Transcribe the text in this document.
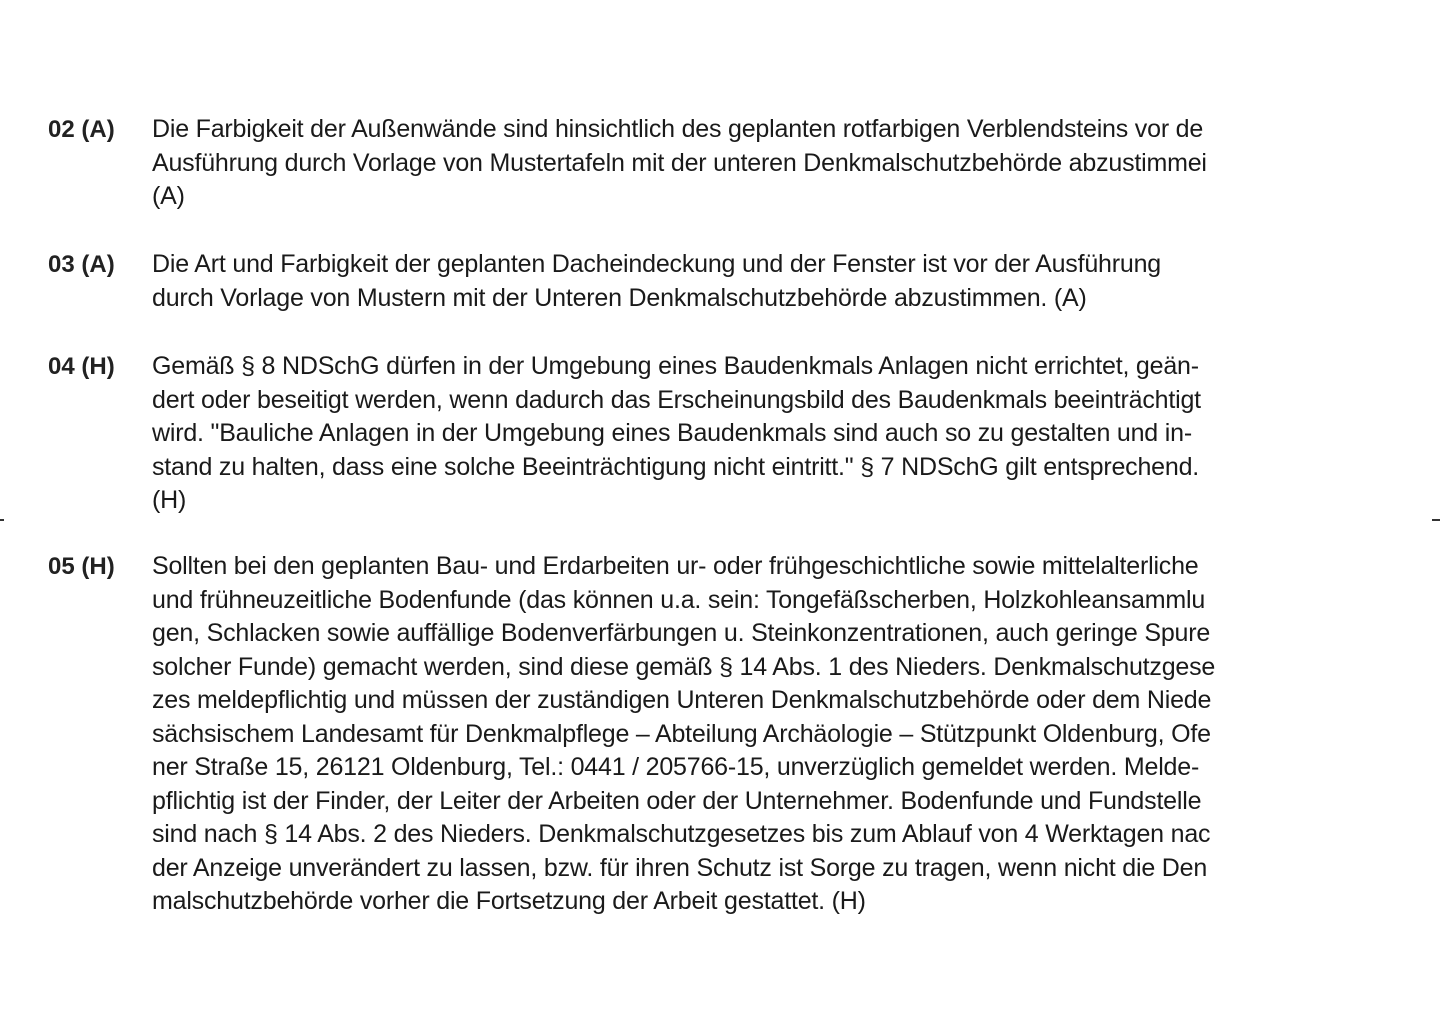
02 (A) Die Farbigkeit der Außenwände sind hinsichtlich des geplanten rotfarbigen Verblendsteins vor de
Ausführung durch Vorlage von Mustertafeln mit der unteren Denkmalschutzbehörde abzustimmei
(A)
03 (A) Die Art und Farbigkeit der geplanten Dacheindeckung und der Fenster ist vor der Ausführung
durch Vorlage von Mustern mit der Unteren Denkmalschutzbehörde abzustimmen. (A)
04 (H) Gemäß § 8 NDSchG dürfen in der Umgebung eines Baudenkmals Anlagen nicht errichtet, geän-
dert oder beseitigt werden, wenn dadurch das Erscheinungsbild des Baudenkmals beeinträchtigt
wird. "Bauliche Anlagen in der Umgebung eines Baudenkmals sind auch so zu gestalten und in-
stand zu halten, dass eine solche Beeinträchtigung nicht eintritt." § 7 NDSchG gilt entsprechend.
(H)
05 (H) Sollten bei den geplanten Bau- und Erdarbeiten ur- oder frühgeschichtliche sowie mittelalterliche
und frühneuzeitliche Bodenfunde (das können u.a. sein: Tongefäßscherben, Holzkohleansammlu
gen, Schlacken sowie auffällige Bodenverfärbungen u. Steinkonzentrationen, auch geringe Spure
solcher Funde) gemacht werden, sind diese gemäß § 14 Abs. 1 des Nieders. Denkmalschutzgese
zes meldepflichtig und müssen der zuständigen Unteren Denkmalschutzbehörde oder dem Niede
sächsischem Landesamt für Denkmalpflege – Abteilung Archäologie – Stützpunkt Oldenburg, Ofe
ner Straße 15, 26121 Oldenburg, Tel.: 0441 / 205766-15, unverzüglich gemeldet werden. Melde-
pflichtig ist der Finder, der Leiter der Arbeiten oder der Unternehmer. Bodenfunde und Fundstelle
sind nach § 14 Abs. 2 des Nieders. Denkmalschutzgesetzes bis zum Ablauf von 4 Werktagen nac
der Anzeige unverändert zu lassen, bzw. für ihren Schutz ist Sorge zu tragen, wenn nicht die Den
malschutzbehörde vorher die Fortsetzung der Arbeit gestattet. (H)
